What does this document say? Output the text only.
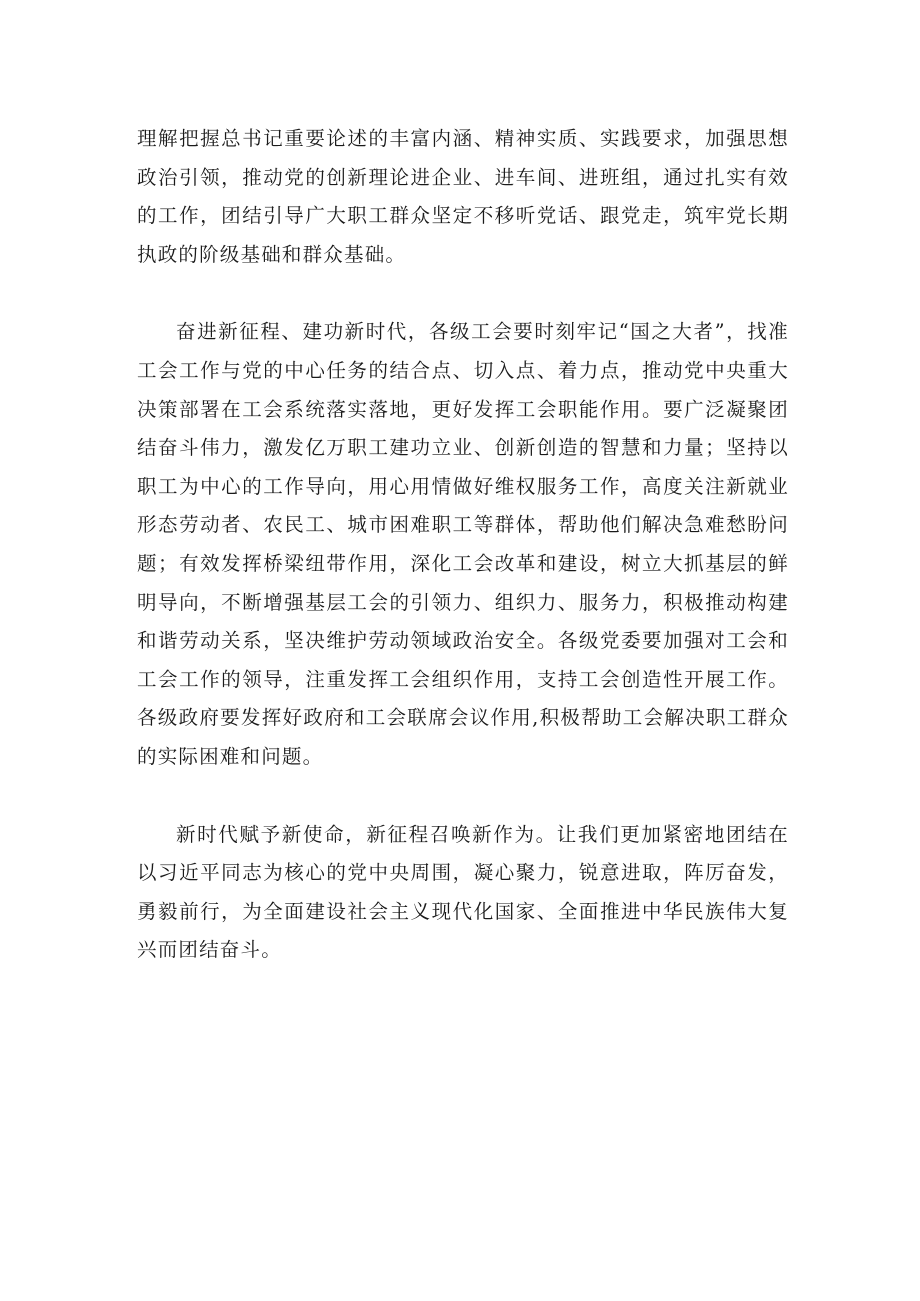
理解把握总书记重要论述的丰富内涵、精神实质、实践要求，加强思想政治引领，推动党的创新理论进企业、进车间、进班组，通过扎实有效的工作，团结引导广大职工群众坚定不移听党话、跟党走，筑牢党长期执政的阶级基础和群众基础。

奋进新征程、建功新时代，各级工会要时刻牢记“国之大者”，找准工会工作与党的中心任务的结合点、切入点、着力点，推动党中央重大决策部署在工会系统落实落地，更好发挥工会职能作用。要广泛凝聚团结奋斗伟力，激发亿万职工建功立业、创新创造的智慧和力量；坚持以职工为中心的工作导向，用心用情做好维权服务工作，高度关注新就业形态劳动者、农民工、城市困难职工等群体，帮助他们解决急难愁盼问题；有效发挥桥梁纽带作用，深化工会改革和建设，树立大抓基层的鲜明导向，不断增强基层工会的引领力、组织力、服务力，积极推动构建和谐劳动关系，坚决维护劳动领域政治安全。各级党委要加强对工会和工会工作的领导，注重发挥工会组织作用，支持工会创造性开展工作。各级政府要发挥好政府和工会联席会议作用,积极帮助工会解决职工群众的实际困难和问题。

新时代赋予新使命，新征程召唤新作为。让我们更加紧密地团结在以习近平同志为核心的党中央周围，凝心聚力，锐意进取，阵厉奋发，勇毅前行，为全面建设社会主义现代化国家、全面推进中华民族伟大复兴而团结奋斗。
